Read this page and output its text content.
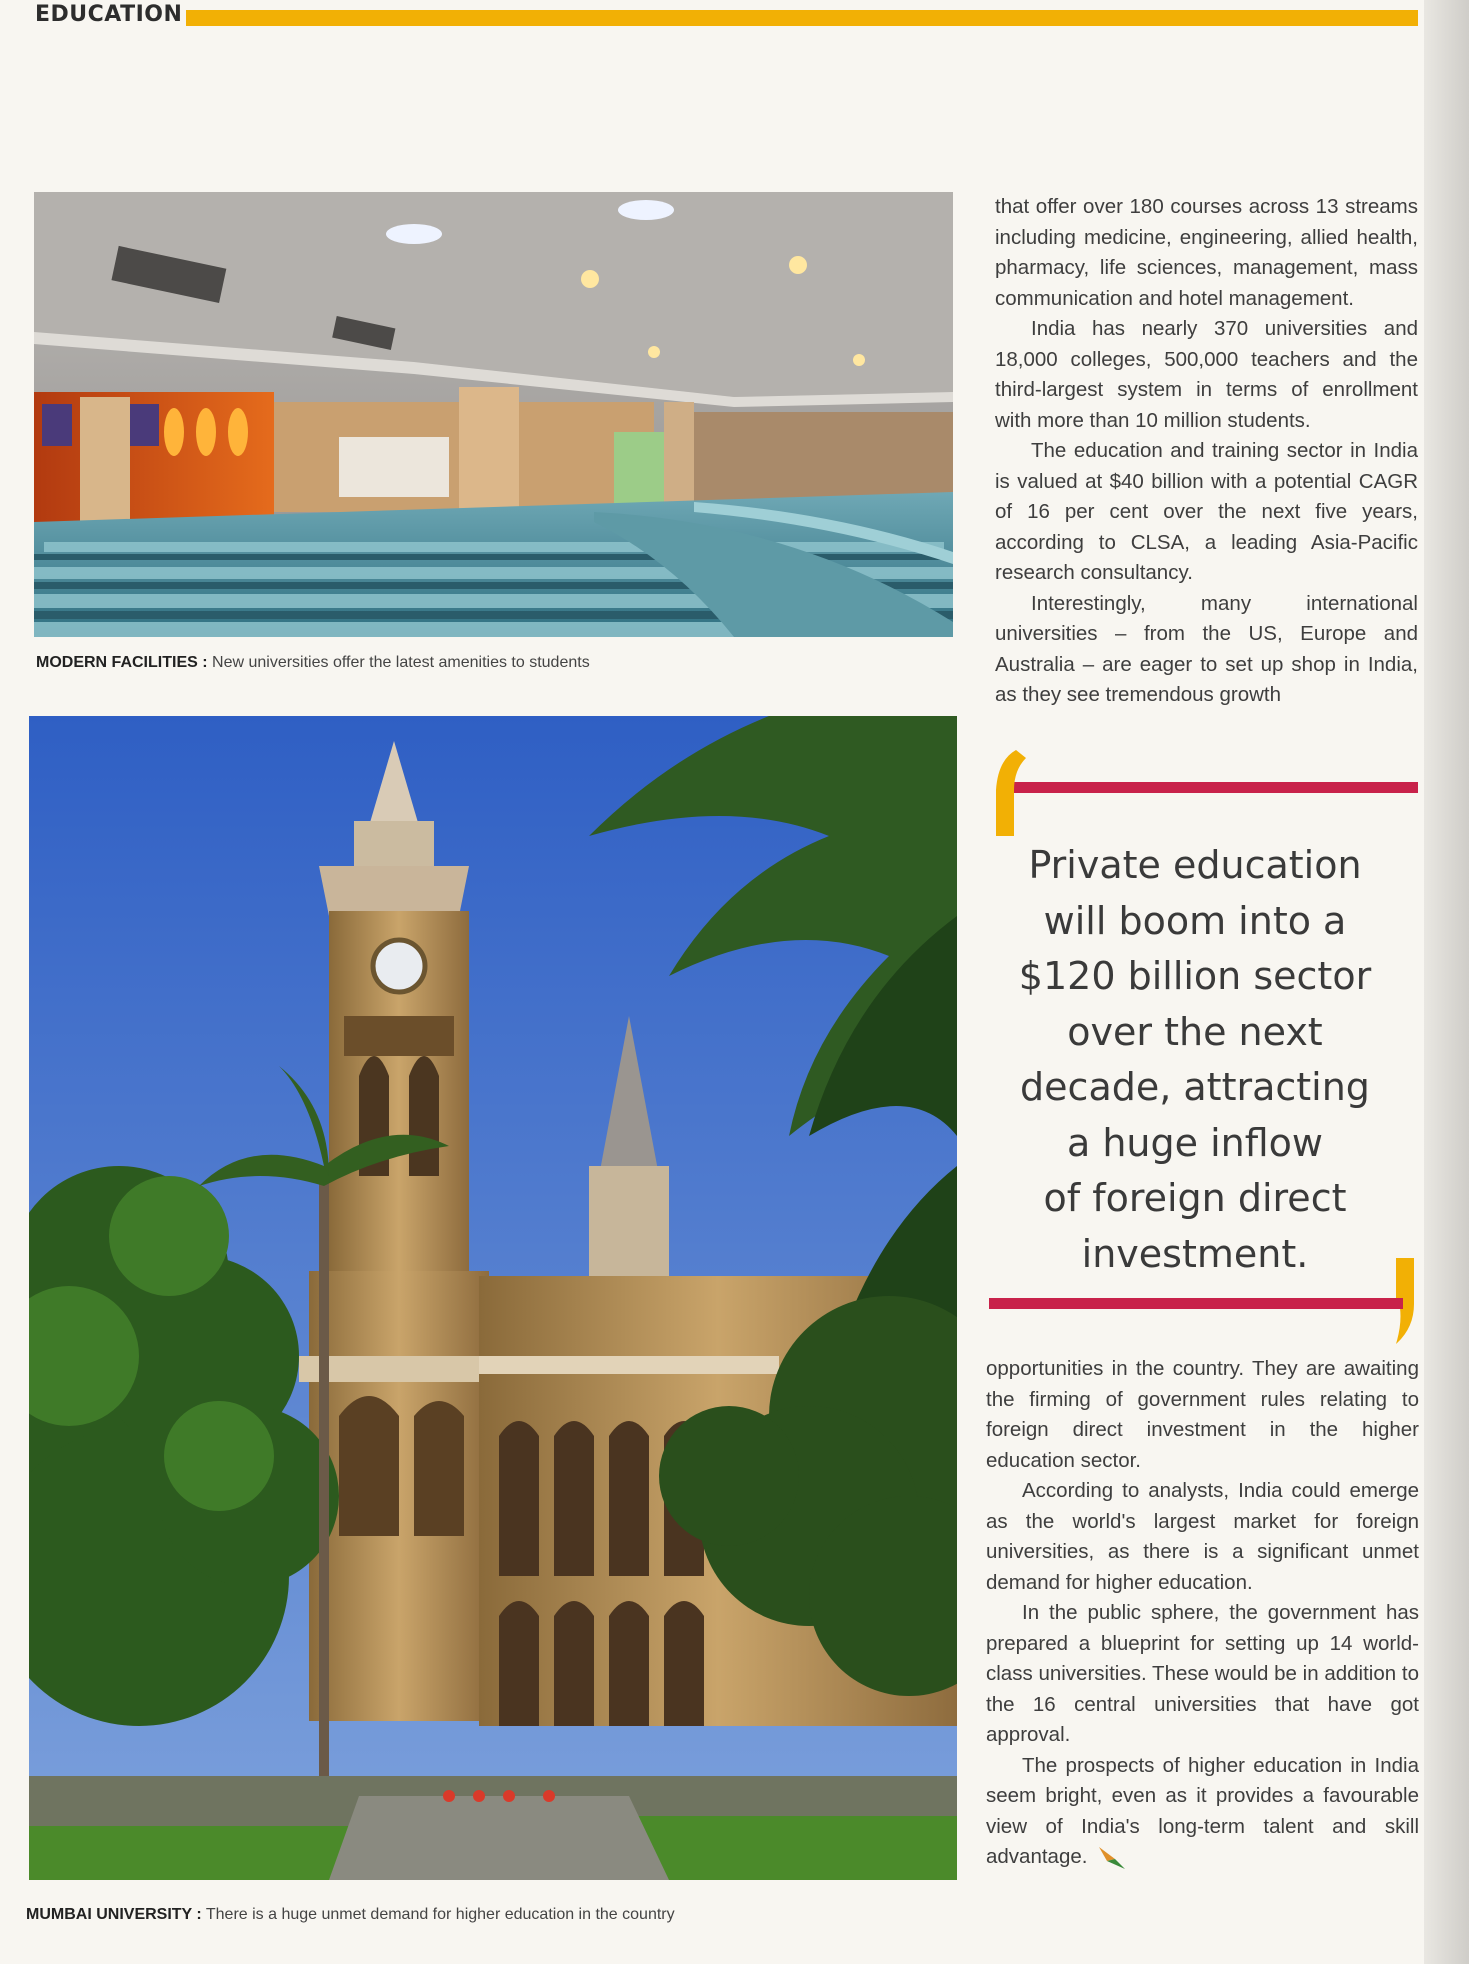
EDUCATION
MODERN FACILITIES : New universities offer the latest amenities to students
MUMBAI UNIVERSITY : There is a huge unmet demand for higher education in the country

that offer over 180 courses across 13 streams including medicine, engineering, allied health, pharmacy, life sciences, management, mass communication and hotel management.

India has nearly 370 universities and 18,000 colleges, 500,000 teachers and the third-largest system in terms of enrollment with more than 10 million students.

The education and training sector in India is valued at $40 billion with a potential CAGR of 16 per cent over the next five years, according to CLSA, a leading Asia-Pacific research consultancy.

Interestingly, many international universities – from the US, Europe and Australia – are eager to set up shop in India, as they see tremendous growth

Private education
will boom into a
$120 billion sector
over the next
decade, attracting
a huge inflow
of foreign direct
investment.

opportunities in the country. They are awaiting the firming of government rules relating to foreign direct investment in the higher education sector.

According to analysts, India could emerge as the world's largest market for foreign universities, as there is a significant unmet demand for higher education.

In the public sphere, the government has prepared a blueprint for setting up 14 world-class universities. These would be in addition to the 16 central universities that have got approval.

The prospects of higher education in India seem bright, even as it provides a favourable view of India's long-term talent and skill advantage.
